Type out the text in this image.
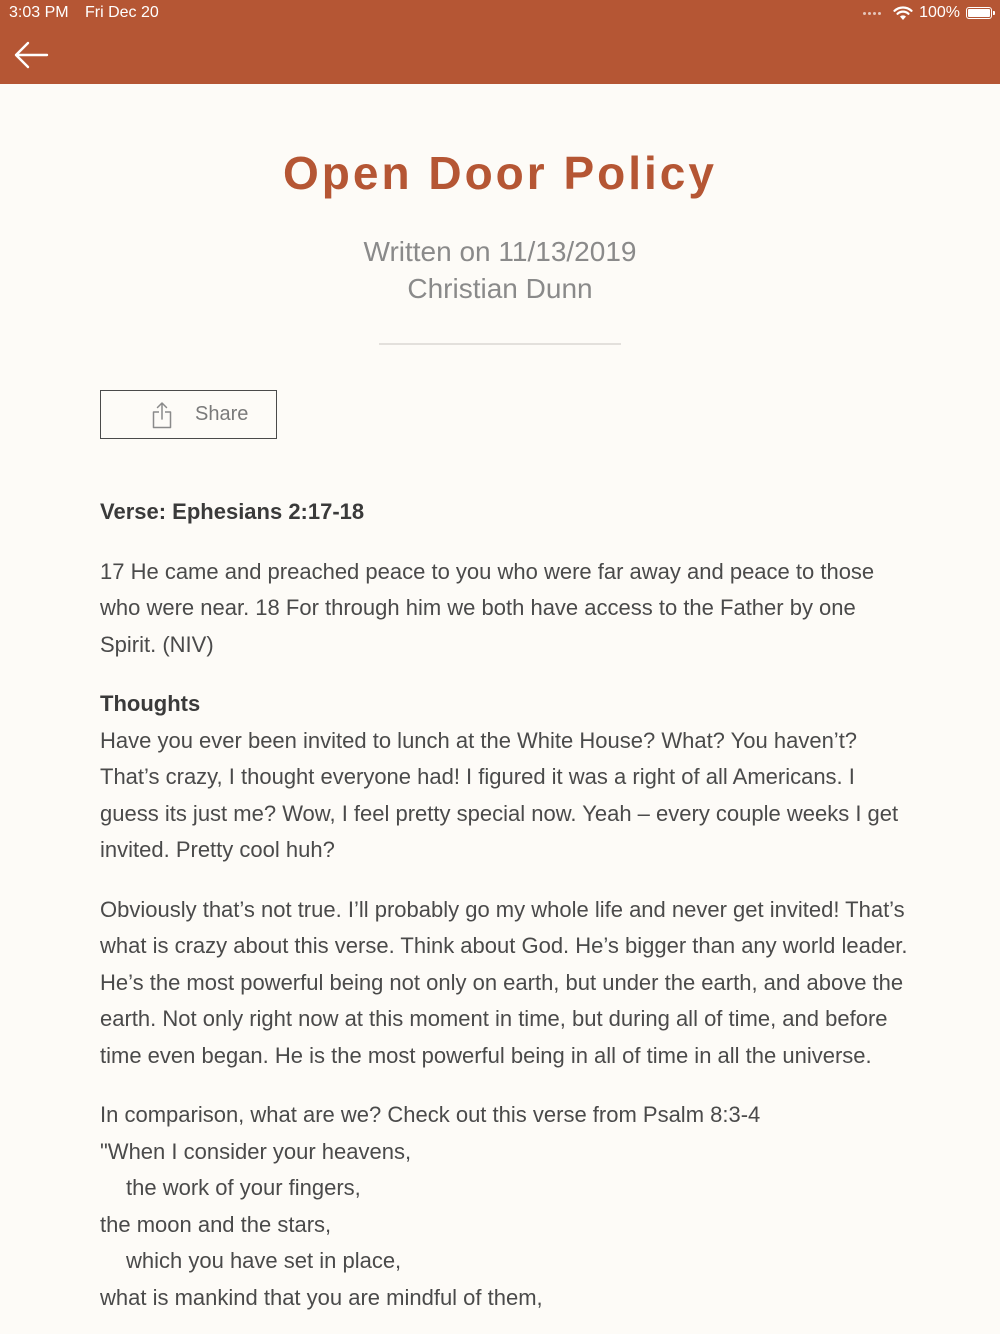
3:03 PM Fri Dec 20	100%
Open Door Policy
Written on 11/13/2019
Christian Dunn
Share

Verse: Ephesians 2:17-18

17 He came and preached peace to you who were far away and peace to those who were near. 18 For through him we both have access to the Father by one Spirit. (NIV)

Thoughts

Have you ever been invited to lunch at the White House? What? You haven’t? That’s crazy, I thought everyone had! I figured it was a right of all Americans. I guess its just me? Wow, I feel pretty special now. Yeah – every couple weeks I get invited. Pretty cool huh?

Obviously that’s not true. I’ll probably go my whole life and never get invited! That’s what is crazy about this verse. Think about God. He’s bigger than any world leader. He’s the most powerful being not only on earth, but under the earth, and above the earth. Not only right now at this moment in time, but during all of time, and before time even began. He is the most powerful being in all of time in all the universe.

In comparison, what are we? Check out this verse from Psalm 8:3-4

"When I consider your heavens,

the work of your fingers,

the moon and the stars,

which you have set in place,

what is mankind that you are mindful of them,
